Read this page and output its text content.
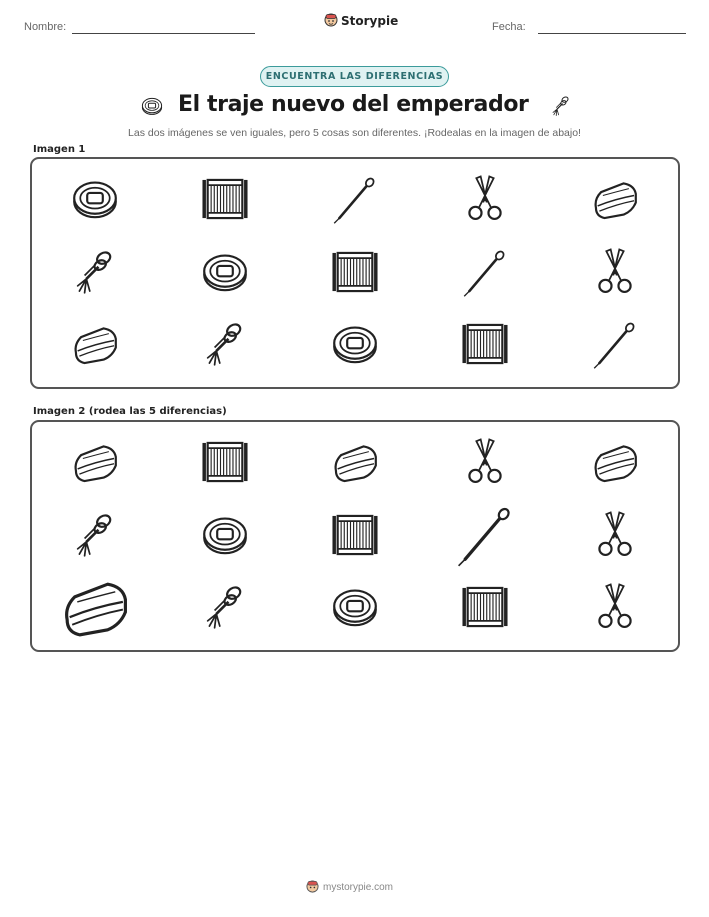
Nombre:	Storypie	Fecha:
ENCUENTRA LAS DIFERENCIAS
El traje nuevo del emperador
Las dos imágenes se ven iguales, pero 5 cosas son diferentes. ¡Rodealas en la imagen de abajo!
Imagen 1
Imagen 2 (rodea las 5 diferencias)
mystorypie.com
